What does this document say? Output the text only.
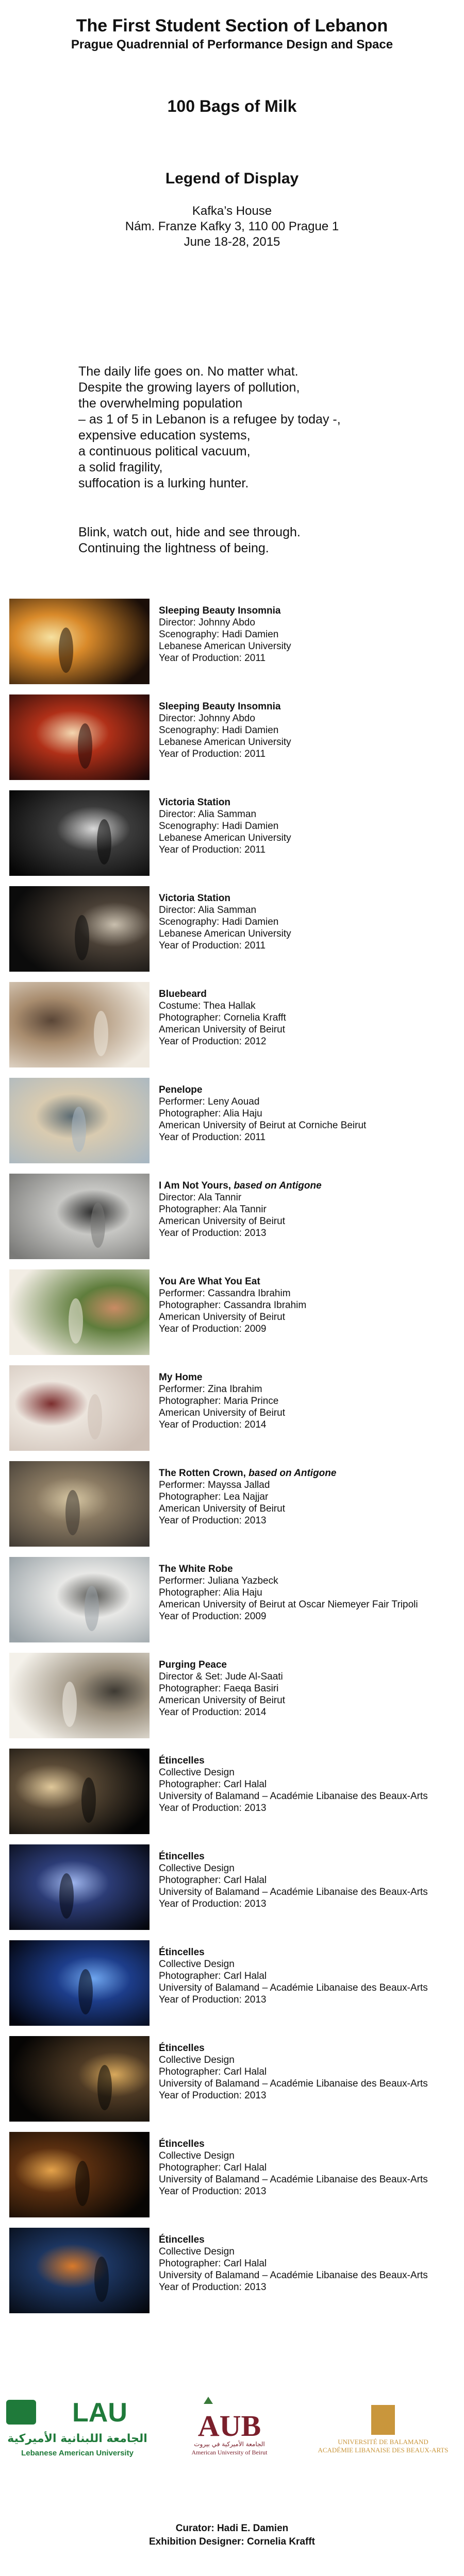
The First Student Section of Lebanon
Prague Quadrennial of Performance Design and Space
100 Bags of Milk
Legend of Display
Kafka’s House
Nám. Franze Kafky 3, 110 00 Prague 1
June 18-28, 2015
The daily life goes on. No matter what.
Despite the growing layers of pollution,
the overwhelming population
– as 1 of 5 in Lebanon is a refugee by today -,
expensive education systems,
a continuous political vacuum,
a solid fragility,
suffocation is a lurking hunter.
Blink, watch out, hide and see through.
Continuing the lightness of being.
Sleeping Beauty Insomnia
Director: Johnny Abdo
Scenography: Hadi Damien
Lebanese American University
Year of Production: 2011
Sleeping Beauty Insomnia
Director: Johnny Abdo
Scenography: Hadi Damien
Lebanese American University
Year of Production: 2011
Victoria Station
Director: Alia Samman
Scenography: Hadi Damien
Lebanese American University
Year of Production: 2011
Victoria Station
Director: Alia Samman
Scenography: Hadi Damien
Lebanese American University
Year of Production: 2011
Bluebeard
Costume: Thea Hallak
Photographer: Cornelia Krafft
American University of Beirut
Year of Production: 2012
Penelope
Performer: Leny Aouad
Photographer: Alia Haju
American University of Beirut at Corniche Beirut
Year of Production: 2011
I Am Not Yours, based on Antigone
Director: Ala Tannir
Photographer: Ala Tannir
American University of Beirut
Year of Production: 2013
You Are What You Eat
Performer: Cassandra Ibrahim
Photographer: Cassandra Ibrahim
American University of Beirut
Year of Production: 2009
My Home
Performer: Zina Ibrahim
Photographer: Maria Prince
American University of Beirut
Year of Production: 2014
The Rotten Crown, based on Antigone
Performer: Mayssa Jallad
Photographer: Lea Najjar
American University of Beirut
Year of Production: 2013
The White Robe
Performer: Juliana Yazbeck
Photographer: Alia Haju
American University of Beirut at Oscar Niemeyer Fair Tripoli
Year of Production: 2009
Purging Peace
Director & Set: Jude Al-Saati
Photographer: Faeqa Basiri
American University of Beirut
Year of Production: 2014
Étincelles
Collective Design
Photographer: Carl Halal
University of Balamand – Académie Libanaise des Beaux-Arts
Year of Production: 2013
Étincelles
Collective Design
Photographer: Carl Halal
University of Balamand – Académie Libanaise des Beaux-Arts
Year of Production: 2013
Étincelles
Collective Design
Photographer: Carl Halal
University of Balamand – Académie Libanaise des Beaux-Arts
Year of Production: 2013
Étincelles
Collective Design
Photographer: Carl Halal
University of Balamand – Académie Libanaise des Beaux-Arts
Year of Production: 2013
Étincelles
Collective Design
Photographer: Carl Halal
University of Balamand – Académie Libanaise des Beaux-Arts
Year of Production: 2013
Étincelles
Collective Design
Photographer: Carl Halal
University of Balamand – Académie Libanaise des Beaux-Arts
Year of Production: 2013
LAU
الجامعة اللبنانية الأميركية
Lebanese American University
AUB
الجامعة الأميركية في بيروت
American University of Beirut
UNIVERSITÉ DE BALAMAND
ACADÉMIE LIBANAISE DES BEAUX-ARTS
Curator: Hadi E. Damien
Exhibition Designer: Cornelia Krafft
